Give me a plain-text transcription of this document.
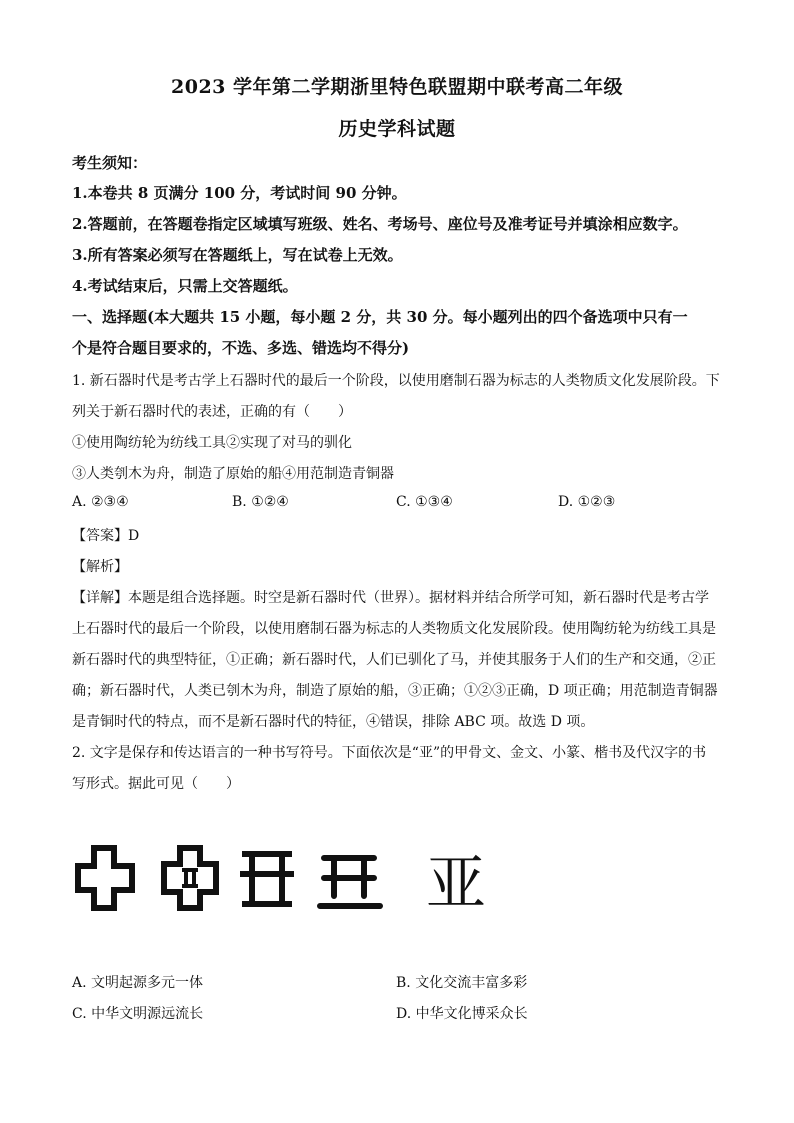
2023 学年第二学期浙里特色联盟期中联考高二年级
历史学科试题
考生须知：
1.本卷共 8 页满分 100 分，考试时间 90 分钟。
2.答题前，在答题卷指定区域填写班级、姓名、考场号、座位号及准考证号并填涂相应数字。
3.所有答案必须写在答题纸上，写在试卷上无效。
4.考试结束后，只需上交答题纸。
一、选择题(本大题共 15 小题，每小题 2 分，共 30 分。每小题列出的四个备选项中只有一
个是符合题目要求的，不选、多选、错选均不得分)
1. 新石器时代是考古学上石器时代的最后一个阶段，以使用磨制石器为标志的人类物质文化发展阶段。下
列关于新石器时代的表述，正确的有（　　）
①使用陶纺轮为纺线工具②实现了对马的驯化
③人类刳木为舟，制造了原始的船④用范制造青铜器
A. ②③④	B. ①②④	C. ①③④	D. ①②③
【答案】D
【解析】
【详解】本题是组合选择题。时空是新石器时代（世界）。据材料并结合所学可知，新石器时代是考古学
上石器时代的最后一个阶段，以使用磨制石器为标志的人类物质文化发展阶段。使用陶纺轮为纺线工具是
新石器时代的典型特征，①正确；新石器时代，人们已驯化了马，并使其服务于人们的生产和交通，②正
确；新石器时代，人类已刳木为舟，制造了原始的船，③正确；①②③正确，D 项正确；用范制造青铜器
是青铜时代的特点，而不是新石器时代的特征，④错误，排除 ABC 项。故选 D 项。
2. 文字是保存和传达语言的一种书写符号。下面依次是“亚”的甲骨文、金文、小篆、楷书及代汉字的书
写形式。据此可见（　　）
亚
A. 文明起源多元一体	B. 文化交流丰富多彩
C. 中华文明源远流长	D. 中华文化博采众长
